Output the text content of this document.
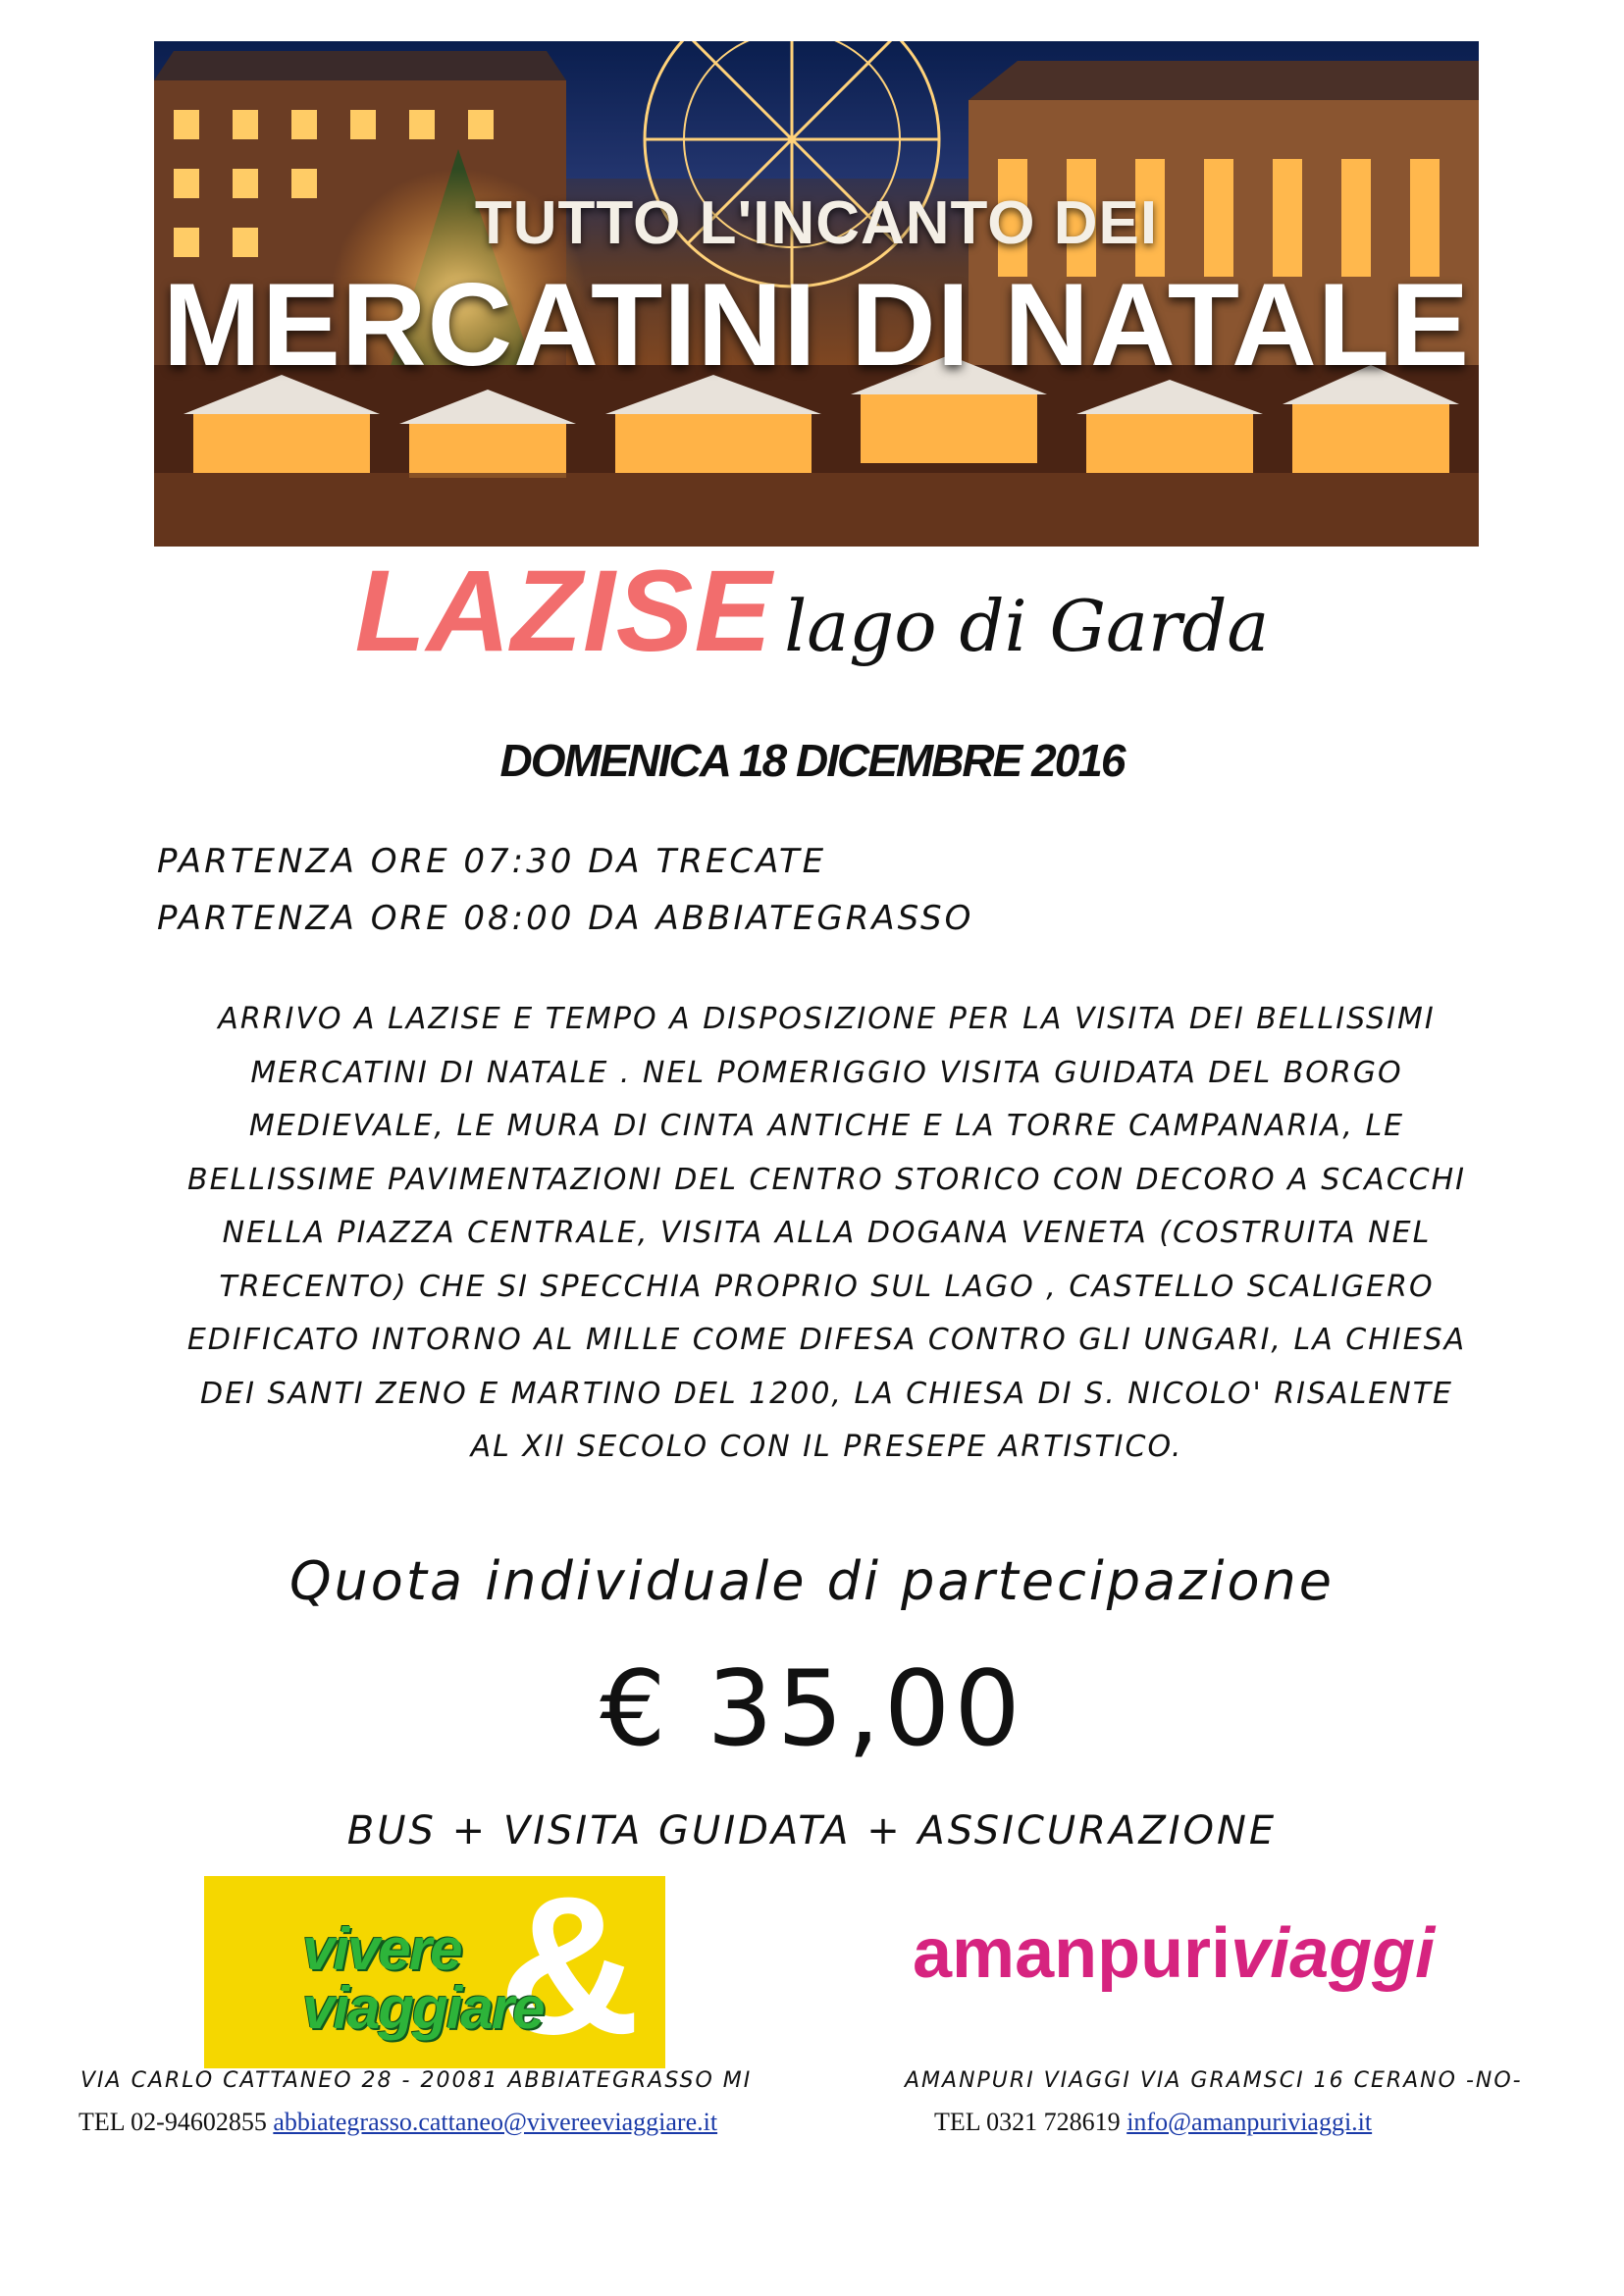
TUTTO L'INCANTO DEI
MERCATINI DI NATALE
LAZISE lago di Garda
DOMENICA 18 DICEMBRE 2016
PARTENZA ORE 07:30 DA TRECATE
PARTENZA ORE 08:00 DA ABBIATEGRASSO
ARRIVO A LAZISE E TEMPO A DISPOSIZIONE PER LA VISITA DEI BELLISSIMI
MERCATINI DI NATALE . NEL POMERIGGIO VISITA GUIDATA DEL BORGO
MEDIEVALE, LE MURA DI CINTA ANTICHE E LA TORRE CAMPANARIA, LE
BELLISSIME PAVIMENTAZIONI DEL CENTRO STORICO CON DECORO A SCACCHI
NELLA PIAZZA CENTRALE, VISITA ALLA DOGANA VENETA (COSTRUITA NEL
TRECENTO) CHE SI SPECCHIA PROPRIO SUL LAGO , CASTELLO SCALIGERO
EDIFICATO INTORNO AL MILLE COME DIFESA CONTRO GLI UNGARI, LA CHIESA
DEI SANTI ZENO E MARTINO DEL 1200, LA CHIESA DI S. NICOLO' RISALENTE
AL XII SECOLO CON IL PRESEPE ARTISTICO.
Quota individuale di partecipazione
€ 35,00
BUS + VISITA GUIDATA + ASSICURAZIONE
&
vivere
viaggiare
amanpuriviaggi
VIA CARLO CATTANEO 28 - 20081 ABBIATEGRASSO MI
TEL 02-94602855 abbiategrasso.cattaneo@vivereeviaggiare.it
AMANPURI VIAGGI VIA GRAMSCI 16 CERANO -NO-
TEL 0321 728619 info@amanpuriviaggi.it
